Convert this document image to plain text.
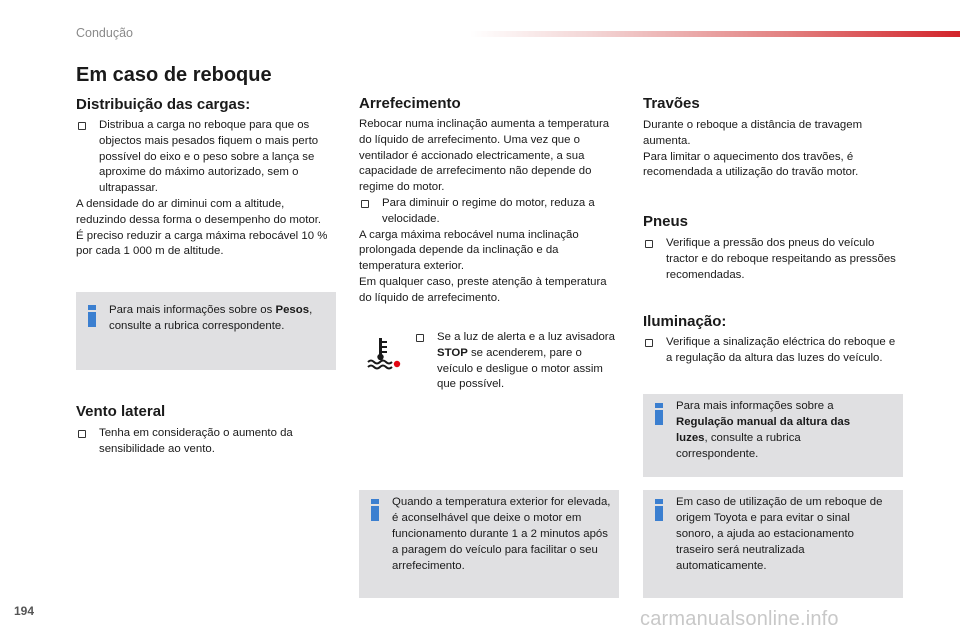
Condução
Em caso de reboque
Distribuição das cargas:

Distribua a carga no reboque para que os objectos mais pesados fiquem o mais perto possível do eixo e o peso sobre a lança se aproxime do máximo autorizado, sem o ultrapassar.

A densidade do ar diminui com a altitude, reduzindo dessa forma o desempenho do motor. É preciso reduzir a carga máxima rebocável 10 % por cada 1 000 m de altitude.

Para mais informações sobre os Pesos, consulte a rubrica correspondente.
Vento lateral

Tenha em consideração o aumento da sensibilidade ao vento.

Arrefecimento

Rebocar numa inclinação aumenta a temperatura do líquido de arrefecimento. Uma vez que o ventilador é accionado electricamente, a sua capacidade de arrefecimento não depende do regime do motor.

Para diminuir o regime do motor, reduza a velocidade.

A carga máxima rebocável numa inclinação prolongada depende da inclinação e da temperatura exterior.

Em qualquer caso, preste atenção à temperatura do líquido de arrefecimento.

Se a luz de alerta e a luz avisadora STOP se acenderem, pare o veículo e desligue o motor assim que possível.

Quando a temperatura exterior for elevada, é aconselhável que deixe o motor em funcionamento durante 1 a 2 minutos após a paragem do veículo para facilitar o seu arrefecimento.
Travões

Durante o reboque a distância de travagem aumenta.

Para limitar o aquecimento dos travões, é recomendada a utilização do travão motor.

Pneus

Verifique a pressão dos pneus do veículo tractor e do reboque respeitando as pressões recomendadas.

Iluminação:

Verifique a sinalização eléctrica do reboque e a regulação da altura das luzes do veículo.

Para mais informações sobre a Regulação manual da altura das luzes, consulte a rubrica correspondente.
Em caso de utilização de um reboque de origem Toyota e para evitar o sinal sonoro, a ajuda ao estacionamento traseiro será neutralizada automaticamente.
194	carmanualsonline.info
